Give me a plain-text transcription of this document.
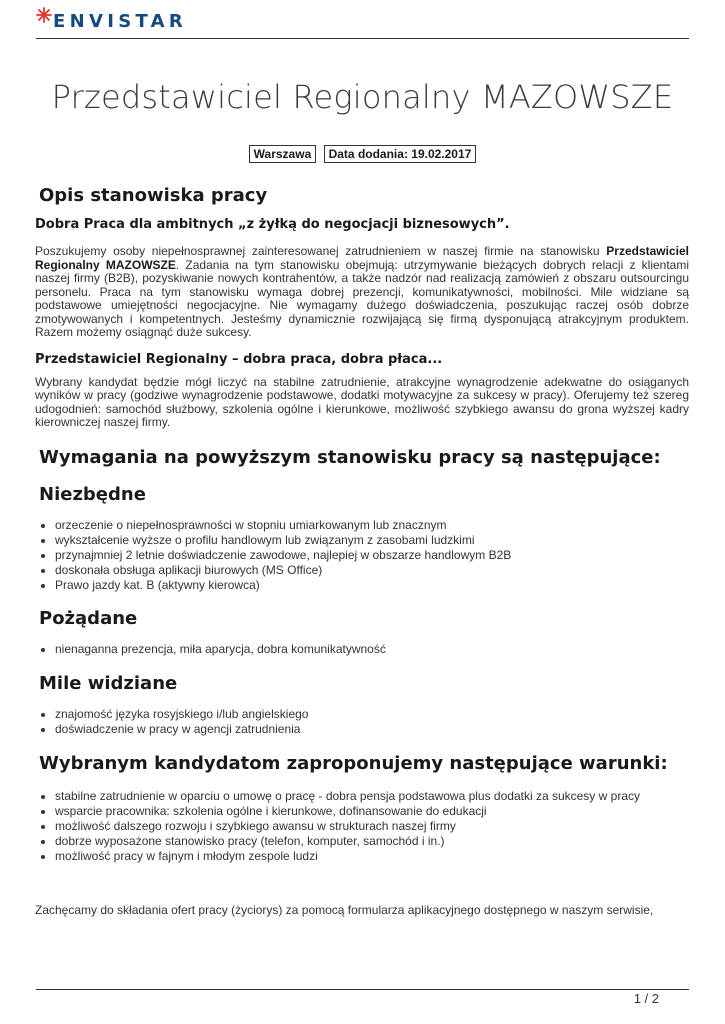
ENVISTAR
Przedstawiciel Regionalny MAZOWSZE
Warszawa Data dodania: 19.02.2017
Opis stanowiska pracy
Dobra Praca dla ambitnych „z żyłką do negocjacji biznesowych”.

Poszukujemy osoby niepełnosprawnej zainteresowanej zatrudnieniem w naszej firmie na stanowisku Przedstawiciel Regionalny MAZOWSZE. Zadania na tym stanowisku obejmują: utrzymywanie bieżących dobrych relacji z klientami naszej firmy (B2B), pozyskiwanie nowych kontrahentów, a także nadzór nad realizacją zamówień z obszaru outsourcingu personelu. Praca na tym stanowisku wymaga dobrej prezencji, komunikatywności, mobilności. Mile widziane są podstawowe umiejętności negocjacyjne. Nie wymagamy dużego doświadczenia, poszukując raczej osób dobrze zmotywowanych i kompetentnych. Jesteśmy dynamicznie rozwijającą się firmą dysponującą atrakcyjnym produktem. Razem możemy osiągnąć duże sukcesy.

Przedstawiciel Regionalny – dobra praca, dobra płaca...

Wybrany kandydat będzie mógł liczyć na stabilne zatrudnienie, atrakcyjne wynagrodzenie adekwatne do osiąganych wyników w pracy (godziwe wynagrodzenie podstawowe, dodatki motywacyjne za sukcesy w pracy). Oferujemy też szereg udogodnień: samochód służbowy, szkolenia ogólne i kierunkowe, możliwość szybkiego awansu do grona wyższej kadry kierowniczej naszej firmy.

Wymagania na powyższym stanowisku pracy są następujące:
Niezbędne
• orzeczenie o niepełnosprawności w stopniu umiarkowanym lub znacznym
• wykształcenie wyższe o profilu handlowym lub związanym z zasobami ludzkimi
• przynajmniej 2 letnie doświadczenie zawodowe, najlepiej w obszarze handlowym B2B
• doskonała obsługa aplikacji biurowych (MS Office)
• Prawo jazdy kat. B (aktywny kierowca)
Pożądane
• nienaganna prezencja, miła aparycja, dobra komunikatywność
Mile widziane
• znajomość języka rosyjskiego i/lub angielskiego
• doświadczenie w pracy w agencji zatrudnienia
Wybranym kandydatom zaproponujemy następujące warunki:
• stabilne zatrudnienie w oparciu o umowę o pracę - dobra pensja podstawowa plus dodatki za sukcesy w pracy
• wsparcie pracownika: szkolenia ogólne i kierunkowe, dofinansowanie do edukacji
• możliwość dalszego rozwoju i szybkiego awansu w strukturach naszej firmy
• dobrze wyposażone stanowisko pracy (telefon, komputer, samochód i in.)
• możliwość pracy w fajnym i młodym zespole ludzi

Zachęcamy do składania ofert pracy (życiorys) za pomocą formularza aplikacyjnego dostępnego w naszym serwisie,

1 / 2
